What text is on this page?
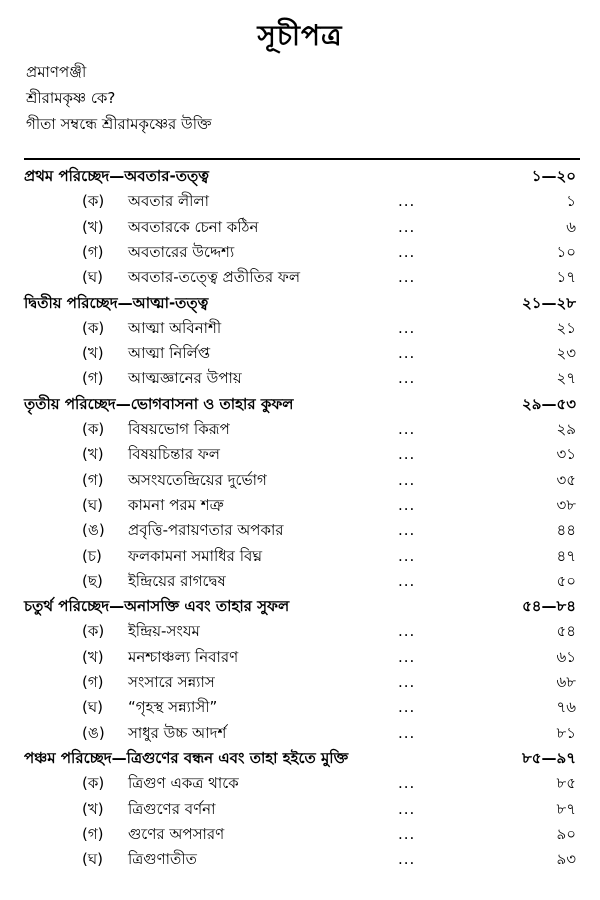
সূচীপত্র
প্রমাণপঞ্জী
শ্রীরামকৃষ্ণ কে?
গীতা সম্বন্ধে শ্রীরামকৃষ্ণের উক্তি
প্রথম পরিচ্ছেদ—অবতার-তত্ত্ব	১—২০
(ক) অবতার লীলা	...	১
(খ) অবতারকে চেনা কঠিন	...	৬
(গ) অবতারের উদ্দেশ্য	...	১০
(ঘ) অবতার-তত্ত্বে প্রতীতির ফল	...	১৭
দ্বিতীয় পরিচ্ছেদ—আত্মা-তত্ত্ব	২১—২৮
(ক) আত্মা অবিনাশী	...	২১
(খ) আত্মা নির্লিপ্ত	...	২৩
(গ) আত্মজ্ঞানের উপায়	...	২৭
তৃতীয় পরিচ্ছেদ—ভোগবাসনা ও তাহার কুফল	২৯—৫৩
(ক) বিষয়ভোগ কিরূপ	...	২৯
(খ) বিষয়চিন্তার ফল	...	৩১
(গ) অসংযতেন্দ্রিয়ের দুর্ভোগ	...	৩৫
(ঘ) কামনা পরম শত্রু	...	৩৮
(ঙ) প্রবৃত্তি-পরায়ণতার অপকার	...	৪৪
(চ) ফলকামনা সমাধির বিঘ্ন	...	৪৭
(ছ) ইন্দ্রিয়ের রাগদ্বেষ	...	৫০
চতুর্থ পরিচ্ছেদ—অনাসক্তি এবং তাহার সুফল	৫৪—৮৪
(ক) ইন্দ্রিয়-সংযম	...	৫৪
(খ) মনশ্চাঞ্চল্য নিবারণ	...	৬১
(গ) সংসারে সন্ন্যাস	...	৬৮
(ঘ) “গৃহস্থ সন্ন্যাসী”	...	৭৬
(ঙ) সাধুর উচ্চ আদর্শ	...	৮১
পঞ্চম পরিচ্ছেদ—ত্রিগুণের বন্ধন এবং তাহা হইতে মুক্তি	৮৫—৯৭
(ক) ত্রিগুণ একত্র থাকে	...	৮৫
(খ) ত্রিগুণের বর্ণনা	...	৮৭
(গ) গুণের অপসারণ	...	৯০
(ঘ) ত্রিগুণাতীত	...	৯৩
